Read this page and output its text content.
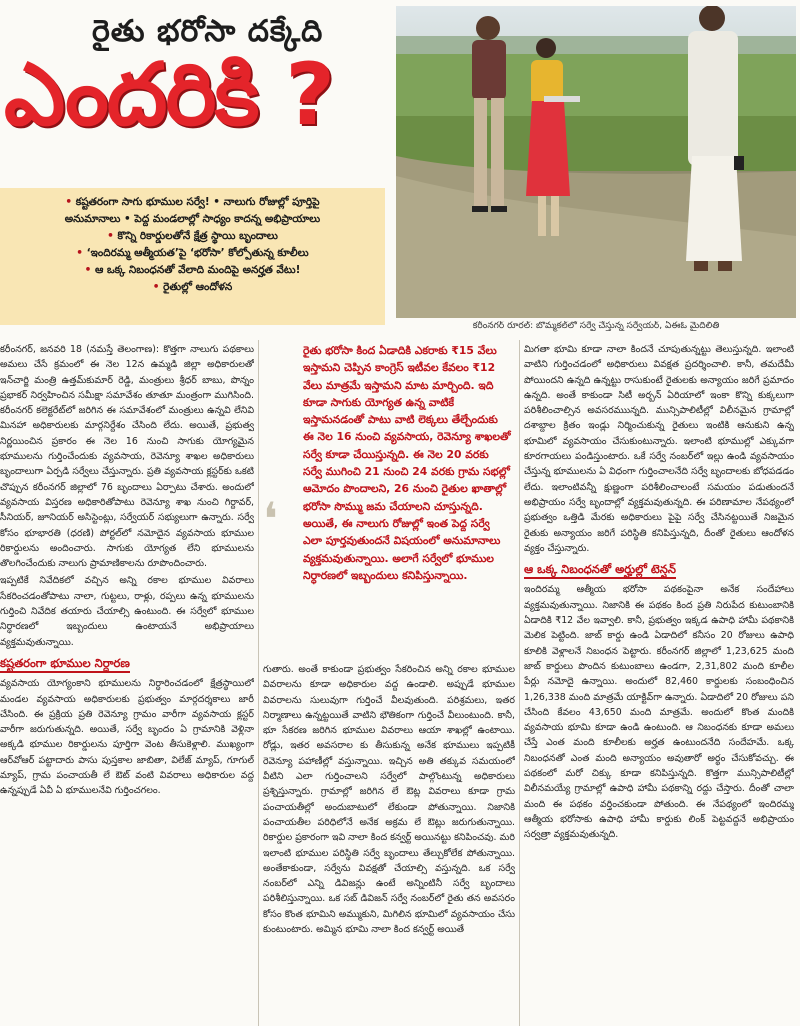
రైతు భరోసా దక్కేది
ఎందరికి ?
కరీంనగర్ రూరల్: బొమ్మకల్‌లో సర్వే చేస్తున్న సర్వేయర్, ఏఈఓ మైదిలితి
• కష్టతరంగా సాగు భూముల సర్వే! • నాలుగు రోజుల్లో పూర్తిపై
అనుమానాలు • పెద్ద మండలాల్లో సాధ్యం కాదన్న అభిప్రాయాలు
• కొన్ని రికార్డులతోనే క్షేత్ర స్థాయి బృందాలు
• ‘ఇందిరమ్మ ఆత్మీయత’పై ‘భరోసా’ కోల్పోతున్న కూలీలు
• ఆ ఒక్క నిబంధనతో వేలాది మందిపై అనర్హత వేటు!
• రైతుల్లో ఆందోళన

కరీంనగర్, జనవరి 18 (నమస్తే తెలంగాణ): కొత్తగా నాలుగు పథకాలు అమలు చేసే క్రమంలో ఈ నెల 12న ఉమ్మడి జిల్లా అధికారులతో ఇన్‌చార్జి మంత్రి ఉత్తమ్‌కుమార్ రెడ్డి, మంత్రులు శ్రీధర్ బాబు, పొన్నం ప్రభాకర్ నిర్వహించిన సమీక్షా సమావేశం తూతూ మంత్రంగా ముగిసింది. కరీంనగర్ కలెక్టరేట్‌లో జరిగిన ఈ సమావేశంలో మంత్రులు ఉన్నవి లేనివి మినహా అధికారులకు మార్గనిర్దేశం చేసింది లేదు. అయితే, ప్రభుత్వ నిర్ణయించిన ప్రకారం ఈ నెల 16 నుంచి సాగుకు యోగ్యమైన భూములను గుర్తించేందుకు వ్యవసాయ, రెవెన్యూ శాఖల అధికారులు బృందాలుగా ఏర్పడి సర్వేలు చేస్తున్నారు. ప్రతి వ్యవసాయ క్లస్టర్‌కు ఒకటి చొప్పున కరీంనగర్ జిల్లాలో 76 బృందాలు ఏర్పాటు చేశారు. అందులో వ్యవసాయ విస్తరణ అధికారితోపాటు రెవెన్యూ శాఖ నుంచి గిర్దావర్, సీనియర్, జూనియర్ అసిస్టెంట్లు, సర్వేయర్ సభ్యులుగా ఉన్నారు. సర్వే కోసం భూభారతి (ధరణి) పోర్టల్‌లో నమోదైన వ్యవసాయ భూముల రికార్డులను అందించారు. సాగుకు యోగ్యత లేని భూములను తొలగించేందుకు నాలుగు ప్రామాణికాలను రూపొందించారు.

ఇప్పటికే నివేదికలో వచ్చిన అన్ని రకాల భూముల వివరాలు సేకరించడంతోపాటు నాలా, గుట్టలు, రాళ్లు, రప్పలు ఉన్న భూములను గుర్తించి నివేదిక తయారు చేయాల్సి ఉంటుంది. ఈ సర్వేలో భూముల నిర్ధారణలో ఇబ్బందులు ఉంటాయనే అభిప్రాయాలు వ్యక్తమవుతున్నాయి.

కష్టతరంగా భూముల నిర్ధారణ

వ్యవసాయ యోగ్యంకాని భూములను నిర్ధారించడంలో క్షేత్రస్థాయిలో మండల వ్యవసాయ అధికారులకు ప్రభుత్వం మార్గదర్శకాలు జారీ చేసింది. ఈ ప్రక్రియ ప్రతి రెవెన్యూ గ్రామం వారీగా వ్యవసాయ క్లస్టర్ వారీగా జరుగుతున్నది. అయితే, సర్వే బృందం ఏ గ్రామానికి వెళ్లినా అక్కడి భూముల రికార్డులను పూర్తిగా వెంట తీసుకెళ్లాలి. ముఖ్యంగా ఆర్‌వోఆర్ పట్టాదారు పాసు పుస్తకాల జాబితా, విలేజ్ మ్యాప్, గూగుల్ మ్యాప్, గ్రామ పంచాయతీ లే ఔట్ వంటి వివరాలు అధికారుల వద్ద ఉన్నప్పుడే ఏవీ ఏ భూములనేవి గుర్తించగలం.

❛
రైతు భరోసా కింద ఏడాదికి ఎకరాకు ₹15 వేలు ఇస్తామని చెప్పిన కాంగ్రెస్ ఇటీవల కేవలం ₹12 వేలు మాత్రమే ఇస్తామని మాట మార్చింది. ఇది కూడా సాగుకు యోగ్యత ఉన్న వాటికే ఇస్తామనడంతో పాటు వాటి లెక్కలు తేల్చేందుకు ఈ నెల 16 నుంచి వ్యవసాయ, రెవెన్యూ శాఖలతో సర్వే కూడా చేయిస్తున్నది. ఈ నెల 20 వరకు సర్వే ముగించి 21 నుంచి 24 వరకు గ్రామ సభల్లో ఆమోదం పొందాలని, 26 నుంచి రైతుల ఖాతాల్లో భరోసా సొమ్ము జమ చేయాలని చూస్తున్నది. అయితే, ఈ నాలుగు రోజుల్లో ఇంత పెద్ద సర్వే ఎలా పూర్తవుతుందనే విషయంలో అనుమానాలు వ్యక్తమవుతున్నాయి. అలాగే సర్వేలో భూముల నిర్ధారణలో ఇబ్బందులు కనిపిస్తున్నాయి.

గుతారు. అంతే కాకుండా ప్రభుత్వం సేకరించిన అన్ని రకాల భూముల వివరాలను కూడా అధికారుల వద్ద ఉండాలి. అప్పుడే భూముల వివరాలను సులువుగా గుర్తించే వీలవుతుంది. పరిశ్రమలు, ఇతర నిర్మాణాలు ఉన్నట్టయితే వాటిని భౌతికంగా గుర్తించే వీలుంటుంది. కానీ, భూ సేకరణ జరిగిన భూముల వివరాలు ఆయా శాఖల్లో ఉంటాయి. రోడ్లు, ఇతర అవసరాల కు తీసుకున్న అనేక భూములు ఇప్పటికీ రెవెన్యూ పహాణీల్లో వస్తున్నాయి. ఇచ్చిన అతి తక్కువ సమయంలో వీటిని ఎలా గుర్తించాలని సర్వేలో పాల్గొంటున్న అధికారులు ప్రశ్నిస్తున్నారు. గ్రామాల్లో జరిగిన లే ఔట్ల వివరాలు కూడా గ్రామ పంచాయతీల్లో అందుబాటులో లేకుండా పోతున్నాయి. నిజానికి పంచాయతీల పరిధిలోనే అనేక అక్రమ లే ఔట్లు జరుగుతున్నాయి. రికార్డుల ప్రకారంగా ఇవి నాలా కింద కన్వర్ట్ అయినట్టు కనిపించవు. మరి ఇలాంటి భూముల పరిస్థితి సర్వే బృందాలు తేల్చుకోలేక పోతున్నాయి. అంతేకాకుండా, సర్వేను వివక్షతో చేయాల్సి వస్తున్నది. ఒక సర్వే నంబర్‌లో ఎన్ని డివిజన్లు ఉంటే అన్నింటినీ సర్వే బృందాలు పరిశీలిస్తున్నాయి. ఒక సబ్ డివిజన్ సర్వే నంబర్‌లో రైతు తన అవసరం కోసం కొంత భూమిని అమ్ముకుని, మిగిలిన భూమిలో వ్యవసాయం చేసు కుంటుంటారు. అమ్మిన భూమి నాలా కింద కన్వర్ట్ అయితే

మిగతా భూమి కూడా నాలా కిందనే చూపుతున్నట్టు తెలుస్తున్నది. ఇలాంటి వాటిని గుర్తించడంలో అధికారులు వివక్షత ప్రదర్శించాలి. కానీ, తమదేమీ పోయిందని ఉన్నది ఉన్నట్టు రాసుకుంటే రైతులకు అన్యాయం జరిగే ప్రమాదం ఉన్నది. అంతే కాకుండా సిటీ అర్బన్ ఏరియాలో ఇంకా కొన్ని కుక్కలుగా పరిశీలించాల్సిన అవసరముున్నది. మున్సిపాలిటీల్లో విలీనమైన గ్రామాల్లో దశాబ్దాల క్రితం ఇండ్లు నిర్మించుకున్న రైతులు ఇంటికి ఆనుకుని ఉన్న భూమిలో వ్యవసాయం చేసుకుంటున్నారు. ఇలాంటి భూముల్లో ఎక్కువగా కూరగాయలు పండిస్తుంటారు. ఒకే సర్వే నంబర్‌లో ఇల్లు ఉండి వ్యవసాయం చేస్తున్న భూములను ఏ విధంగా గుర్తించాలనేది సర్వే బృందాలకు బోధపడడం లేదు. ఇలాంటివన్నీ క్షుణ్ణంగా పరిశీలించాలంటే సమయం పడుతుందనే అభిప్రాయం సర్వే బృందాల్లో వ్యక్తమవుతున్నది. ఈ పరిణామాల నేపథ్యంలో ప్రభుత్వం ఒత్తిడి మేరకు అధికారులు పైపై సర్వే చేసినట్టయితే నిజమైన రైతుకు అన్యాయం జరిగే పరిస్థితి కనిపిస్తున్నది, దీంతో రైతులు ఆందోళన వ్యక్తం చేస్తున్నారు.

ఆ ఒక్క నిబంధనతో అర్హుల్లో టెన్షన్

ఇందిరమ్మ ఆత్మీయ భరోసా పథకంపైనా అనేక సందేహాలు వ్యక్తమవుతున్నాయి. నిజానికి ఈ పథకం కింద ప్రతి నిరుపేద కుటుంబానికి ఏడాదికి ₹12 వేల ఇవ్వాలి. కానీ, ప్రభుత్వం ఇక్కడ ఉపాధి హామీ పథకానికి మెలిక పెట్టింది. జాబ్ కార్డు ఉండి ఏడాదిలో కనీసం 20 రోజులు ఉపాధి కూలికి వెళ్లాలనే నిబంధన పెట్టారు. కరీంనగర్ జిల్లాలో 1,23,625 మంది జాబ్ కార్డులు పొందిన కుటుంబాలు ఉండగా, 2,31,802 మంది కూలీల పేర్లు నమోదై ఉన్నాయి. అందులో 82,460 కార్డులకు సంబంధించిన 1,26,338 మంది మాత్రమే యాక్టివ్‌గా ఉన్నారు. ఏడాదిలో 20 రోజులు పని చేసింది కేవలం 43,650 మంది మాత్రమే. అందులో కొంత మందికి వ్యవసాయ భూమి కూడా ఉండి ఉంటుంది. ఆ నిబంధనకు కూడా అమలు చేస్తే ఎంత మంది కూలీలకు అర్హత ఉంటుందనేది సందేహమే. ఒక్క నిబంధనతో ఎంత మంది అన్యాయం అవుతారో అర్థం చేసుకోవచ్చు. ఈ పథకంలో మరో చిక్కు కూడా కనిపిస్తున్నది. కొత్తగా మున్సిపాలిటీల్లో విలీనమయ్యే గ్రామాల్లో ఉపాధి హామీ పథకాన్ని రద్దు చేస్తారు. దీంతో చాలా మంది ఈ పథకం వర్తించకుండా పోతుంది. ఈ నేపథ్యంలో ఇందిరమ్మ ఆత్మీయ భరోసాకు ఉపాధి హామీ కార్డుకు లింక్ పెట్టవద్దనే అభిప్రాయం సర్వత్రా వ్యక్తమవుతున్నది.
